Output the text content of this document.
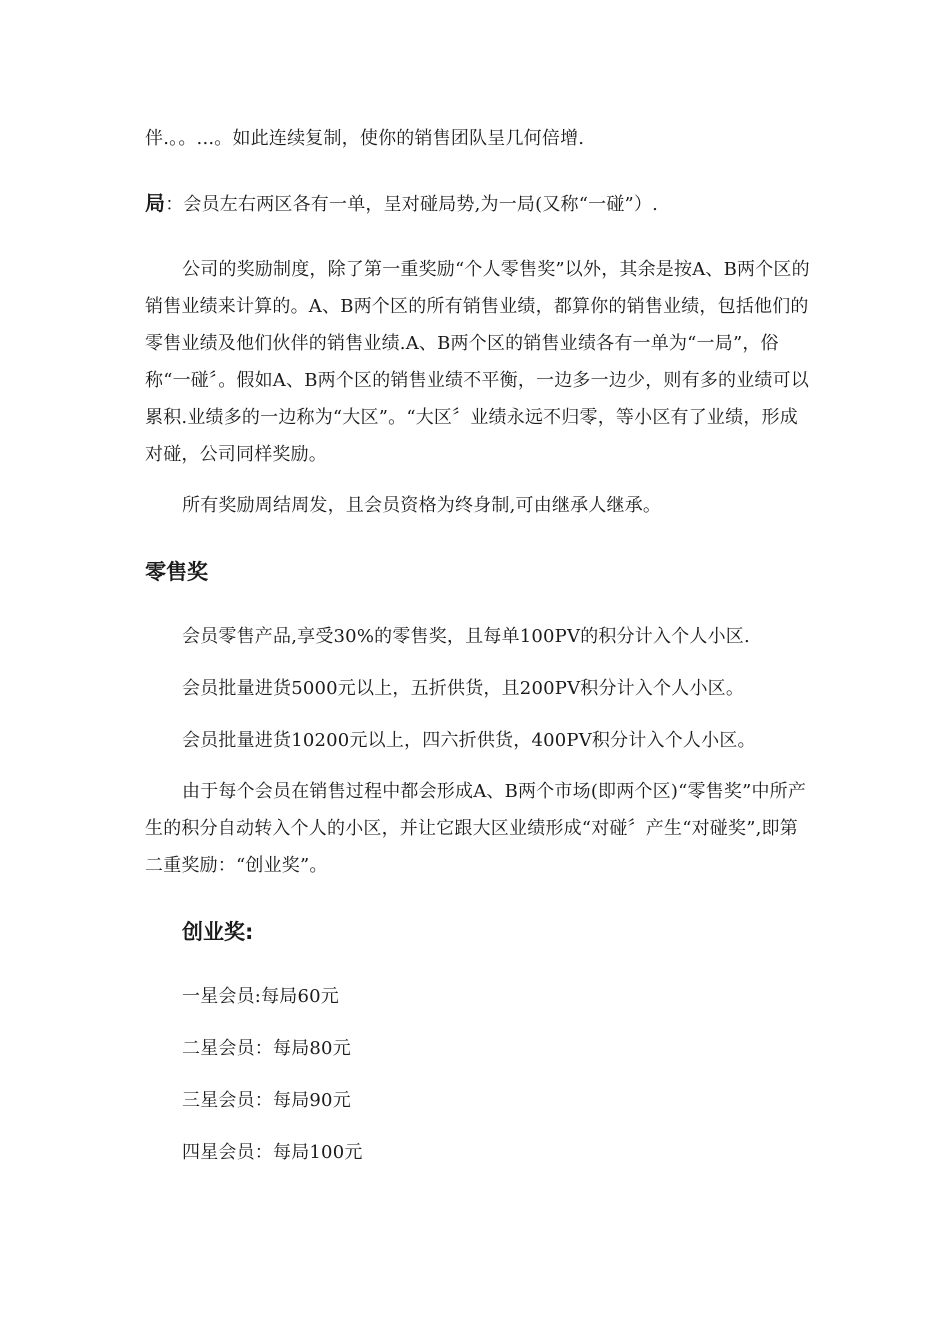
伴.。。...。如此连续复制，使你的销售团队呈几何倍增.
局：会员左右两区各有一单，呈对碰局势,为一局(又称“一碰”）.

公司的奖励制度，除了第一重奖励“个人零售奖”以外，其余是按A、B两个区的销售业绩来计算的。A、B两个区的所有销售业绩，都算你的销售业绩，包括他们的零售业绩及他们伙伴的销售业绩.A、B两个区的销售业绩各有一单为“一局”，俗称“一碰〞。假如A、B两个区的销售业绩不平衡，一边多一边少，则有多的业绩可以累积.业绩多的一边称为“大区”。“大区〞业绩永远不归零，等小区有了业绩，形成对碰，公司同样奖励。

所有奖励周结周发，且会员资格为终身制,可由继承人继承。
零售奖
会员零售产品,享受30%的零售奖，且每单100PV的积分计入个人小区.
会员批量进货5000元以上，五折供货，且200PV积分计入个人小区。
会员批量进货10200元以上，四六折供货，400PV积分计入个人小区。

由于每个会员在销售过程中都会形成A、B两个市场(即两个区)“零售奖”中所产生的积分自动转入个人的小区，并让它跟大区业绩形成“对碰〞产生“对碰奖”,即第二重奖励：“创业奖”。

创业奖:
一星会员:每局60元
二星会员：每局80元
三星会员：每局90元
四星会员：每局100元
